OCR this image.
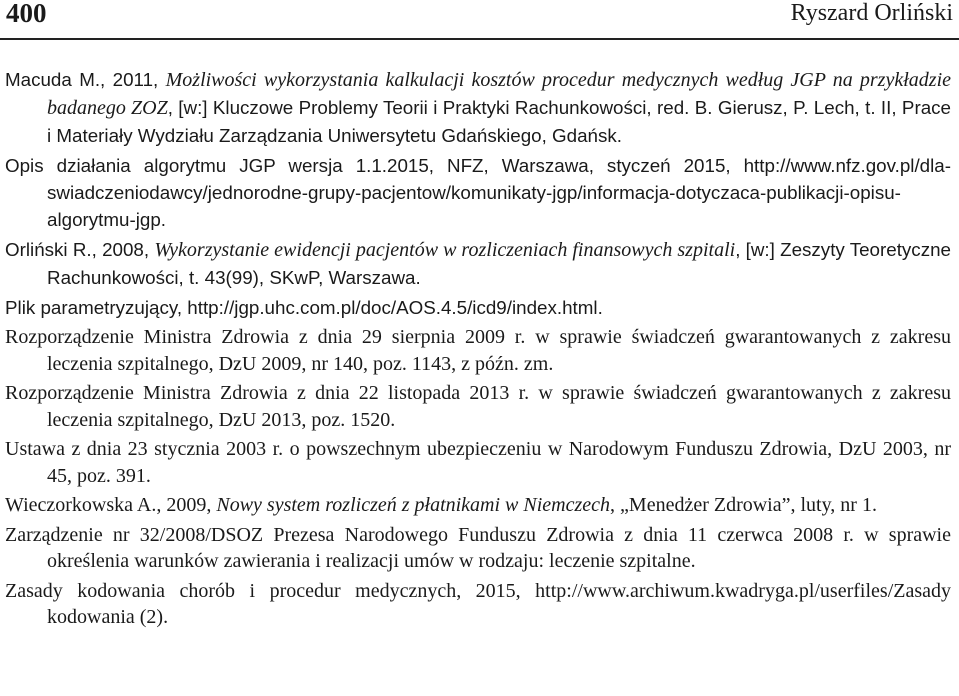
400	Ryszard Orliński

Macuda M., 2011, Możliwości wykorzystania kalkulacji kosztów procedur medycznych według JGP na przykładzie badanego ZOZ, [w:] Kluczowe Problemy Teorii i Praktyki Rachunkowości, red. B. Gierusz, P. Lech, t. II, Prace i Materiały Wydziału Zarządzania Uniwersytetu Gdańskiego, Gdańsk.

Opis działania algorytmu JGP wersja 1.1.2015, NFZ, Warszawa, styczeń 2015, http://www.nfz.gov.pl/dla-swiadczeniodawcy/jednorodne-grupy-pacjentow/komunikaty-jgp/informacja-dotyczaca-publikacji-opisu-algorytmu-jgp.

Orliński R., 2008, Wykorzystanie ewidencji pacjentów w rozliczeniach finansowych szpitali, [w:] Zeszyty Teoretyczne Rachunkowości, t. 43(99), SKwP, Warszawa.

Plik parametryzujący, http://jgp.uhc.com.pl/doc/AOS.4.5/icd9/index.html.

Rozporządzenie Ministra Zdrowia z dnia 29 sierpnia 2009 r. w sprawie świadczeń gwarantowanych z zakresu leczenia szpitalnego, DzU 2009, nr 140, poz. 1143, z późn. zm.

Rozporządzenie Ministra Zdrowia z dnia 22 listopada 2013 r. w sprawie świadczeń gwarantowanych z zakresu leczenia szpitalnego, DzU 2013, poz. 1520.

Ustawa z dnia 23 stycznia 2003 r. o powszechnym ubezpieczeniu w Narodowym Funduszu Zdrowia, DzU 2003, nr 45, poz. 391.

Wieczorkowska A., 2009, Nowy system rozliczeń z płatnikami w Niemczech, „Menedżer Zdrowia”, luty, nr 1.

Zarządzenie nr 32/2008/DSOZ Prezesa Narodowego Funduszu Zdrowia z dnia 11 czerwca 2008 r. w sprawie określenia warunków zawierania i realizacji umów w rodzaju: leczenie szpitalne.

Zasady kodowania chorób i procedur medycznych, 2015, http://www.archiwum.kwadryga.pl/userfiles/Zasady kodowania (2).
